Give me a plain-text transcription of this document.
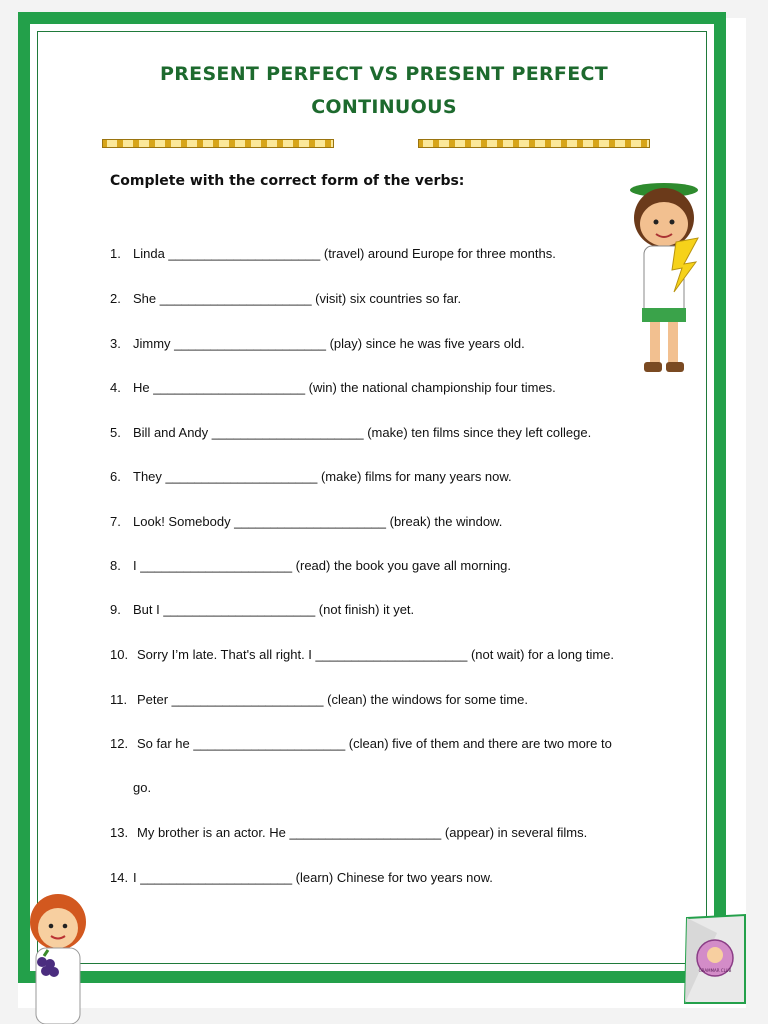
PRESENT PERFECT VS PRESENT PERFECT
CONTINUOUS
Complete with the correct form of the verbs:
1. Linda _____________________ (travel) around Europe for three months.
2. She _____________________ (visit) six countries so far.
3. Jimmy _____________________ (play) since he was five years old.
4. He _____________________ (win) the national championship four times.
5. Bill and Andy _____________________ (make) ten films since they left college.
6. They _____________________ (make) films for many years now.
7. Look! Somebody _____________________ (break) the window.
8. I _____________________ (read) the book you gave all morning.
9. But I _____________________ (not finish) it yet.
10. Sorry I’m late. That's all right. I _____________________ (not wait) for a long time.
11. Peter _____________________ (clean) the windows for some time.
12. So far he _____________________ (clean) five of them and there are two more to
go.
13. My brother is an actor. He _____________________ (appear) in several films.
14. I _____________________ (learn) Chinese for two years now.
GRAMMAR CLUB
